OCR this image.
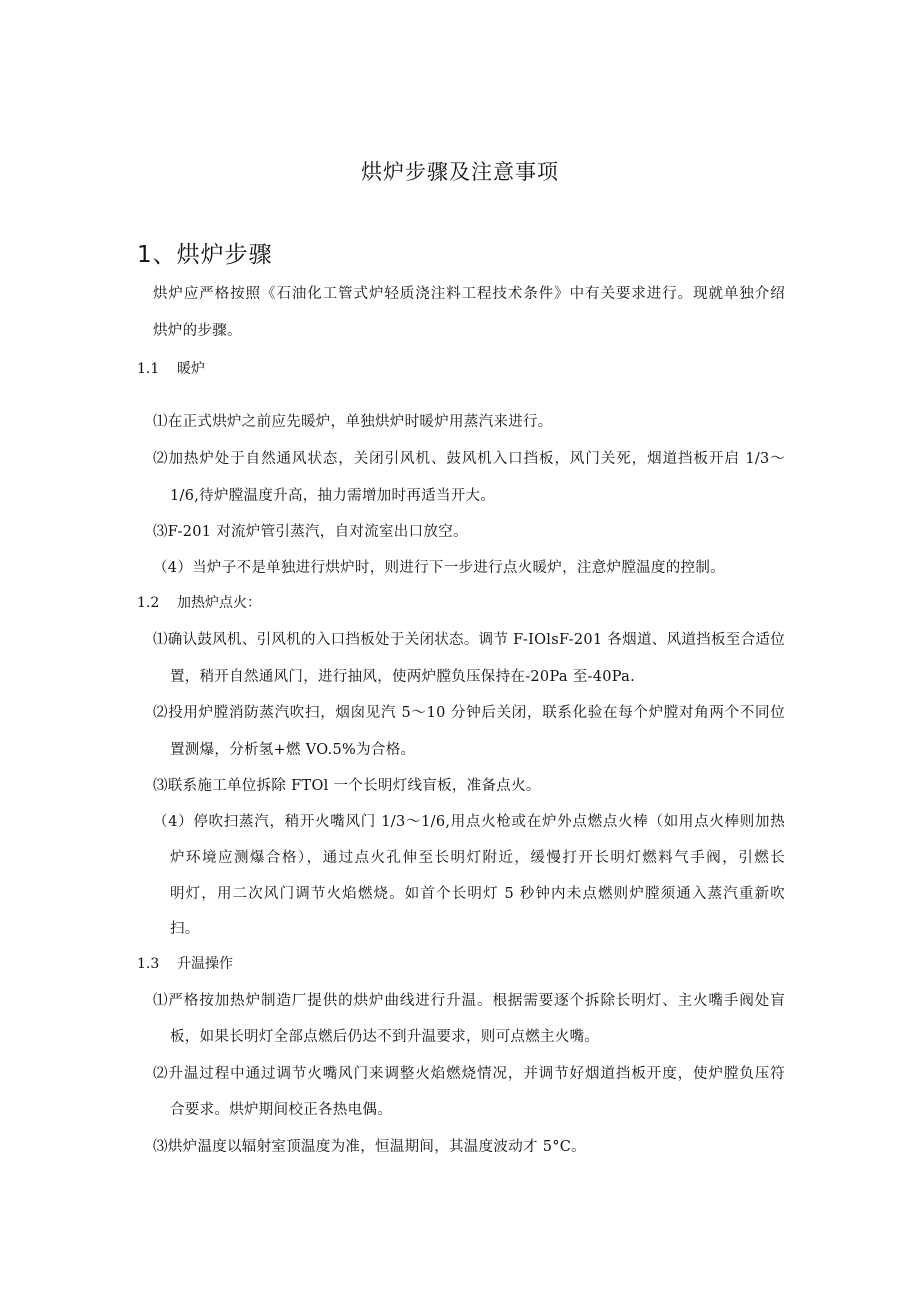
烘炉步骤及注意事项
1、烘炉步骤
烘炉应严格按照《石油化工管式炉轻质浇注料工程技术条件》中有关要求进行。现就单独介绍
烘炉的步骤。
1.1 暖炉
⑴在正式烘炉之前应先暖炉，单独烘炉时暖炉用蒸汽来进行。
⑵加热炉处于自然通风状态，关闭引风机、鼓风机入口挡板，风门关死，烟道挡板开启 1/3～
1/6,待炉膛温度升高，抽力需增加时再适当开大。
⑶F-201 对流炉管引蒸汽，自对流室出口放空。
（4）当炉子不是单独进行烘炉时，则进行下一步进行点火暖炉，注意炉膛温度的控制。
1.2 加热炉点火：
⑴确认鼓风机、引风机的入口挡板处于关闭状态。调节 F-IOlsF-201 各烟道、风道挡板至合适位
置，稍开自然通风门，进行抽风，使两炉膛负压保持在-20Pa 至-40Pa.
⑵投用炉膛消防蒸汽吹扫，烟囱见汽 5～10 分钟后关闭，联系化验在每个炉膛对角两个不同位
置测爆，分析氢+燃 VO.5%为合格。
⑶联系施工单位拆除 FTOl 一个长明灯线盲板，准备点火。
（4）停吹扫蒸汽，稍开火嘴风门 1/3～1/6,用点火枪或在炉外点燃点火棒（如用点火棒则加热
炉环境应测爆合格），通过点火孔伸至长明灯附近，缓慢打开长明灯燃料气手阀，引燃长
明灯，用二次风门调节火焰燃烧。如首个长明灯 5 秒钟内未点燃则炉膛须通入蒸汽重新吹
扫。
1.3 升温操作
⑴严格按加热炉制造厂提供的烘炉曲线进行升温。根据需要逐个拆除长明灯、主火嘴手阀处盲
板，如果长明灯全部点燃后仍达不到升温要求，则可点燃主火嘴。
⑵升温过程中通过调节火嘴风门来调整火焰燃烧情况，并调节好烟道挡板开度，使炉膛负压符
合要求。烘炉期间校正各热电偶。
⑶烘炉温度以辐射室顶温度为准，恒温期间，其温度波动才 5°C。
